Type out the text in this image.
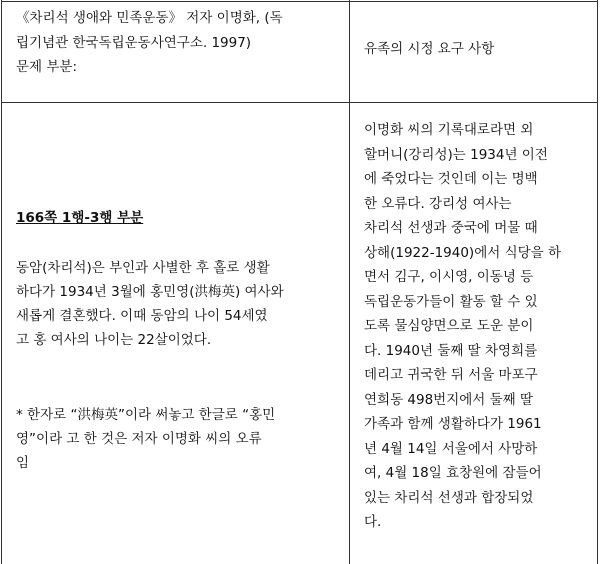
《차리석 생애와 민족운동》 저자 이명화, (독

립기념관 한국독립운동사연구소. 1997)

문제 부분:

유족의 시정 요구 사항

166쪽 1행-3행 부분

동암(차리석)은 부인과 사별한 후 홀로 생활

하다가 1934년 3월에 홍민영(洪梅英) 여사와

새롭게 결혼했다. 이때 동암의 나이 54세였

고 홍 여사의 나이는 22살이었다.

* 한자로 “洪梅英”이라 써놓고 한글로 “홍민

영”이라 고 한 것은 저자 이명화 씨의 오류

임

이명화 씨의 기록대로라면 외

할머니(강리성)는 1934년 이전

에 죽었다는 것인데 이는 명백

한 오류다. 강리성 여사는

차리석 선생과 중국에 머물 때

상해(1922-1940)에서 식당을 하

면서 김구, 이시영, 이동녕 등

독립운동가들이 활동 할 수 있

도록 물심양면으로 도운 분이

다. 1940년 둘째 딸 차영희를

데리고 귀국한 뒤 서울 마포구

연희동 498번지에서 둘째 딸

가족과 함께 생활하다가 1961

년 4월 14일 서울에서 사망하

여, 4월 18일 효창원에 잠들어

있는 차리석 선생과 합장되었

다.
